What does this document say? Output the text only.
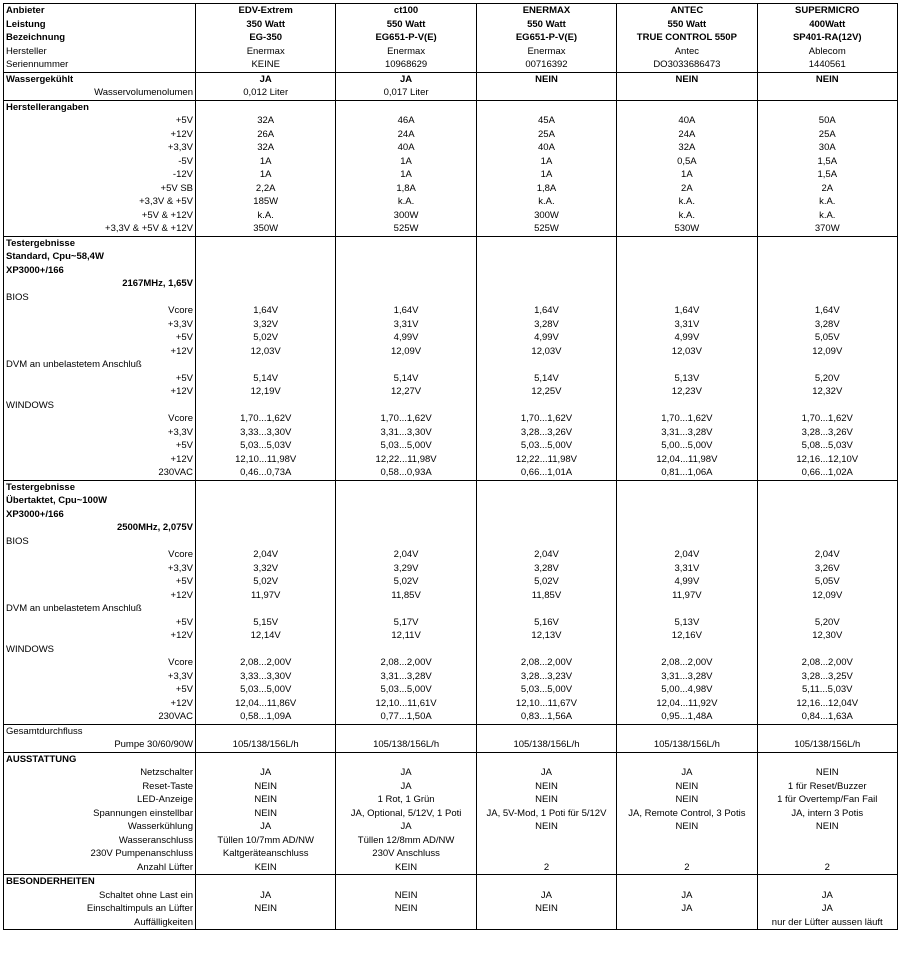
Anbieter	EDV-Extrem	ct100	ENERMAX	ANTEC	SUPERMICRO
Leistung	350 Watt	550 Watt	550 Watt	550 Watt	400Watt
Bezeichnung	EG-350	EG651-P-V(E)	EG651-P-V(E)	TRUE CONTROL 550P	SP401-RA(12V)
Hersteller	Enermax	Enermax	Enermax	Antec	Ablecom
Seriennummer	KEINE	10968629	00716392	DO3033686473	1440561
Wassergekühlt	JA	JA	NEIN	NEIN	NEIN
Wasservolumenolumen	0,012 Liter	0,017 Liter			
Herstellerangaben					
+5V	32A	46A	45A	40A	50A
+12V	26A	24A	25A	24A	25A
+3,3V	32A	40A	40A	32A	30A
-5V	1A	1A	1A	0,5A	1,5A
-12V	1A	1A	1A	1A	1,5A
+5V SB	2,2A	1,8A	1,8A	2A	2A
+3,3V & +5V	185W	k.A.	k.A.	k.A.	k.A.
+5V & +12V	k.A.	300W	300W	k.A.	k.A.
+3,3V & +5V & +12V	350W	525W	525W	530W	370W
Testergebnisse					
Standard, Cpu~58,4W					
XP3000+/166					
2167MHz, 1,65V					
BIOS					
Vcore	1,64V	1,64V	1,64V	1,64V	1,64V
+3,3V	3,32V	3,31V	3,28V	3,31V	3,28V
+5V	5,02V	4,99V	4,99V	4,99V	5,05V
+12V	12,03V	12,09V	12,03V	12,03V	12,09V
DVM an unbelastetem Anschluß					
+5V	5,14V	5,14V	5,14V	5,13V	5,20V
+12V	12,19V	12,27V	12,25V	12,23V	12,32V
WINDOWS					
Vcore	1,70...1,62V	1,70...1,62V	1,70...1,62V	1,70...1,62V	1,70...1,62V
+3,3V	3,33...3,30V	3,31...3,30V	3,28...3,26V	3,31...3,28V	3,28...3,26V
+5V	5,03...5,03V	5,03...5,00V	5,03...5,00V	5,00...5,00V	5,08...5,03V
+12V	12,10...11,98V	12,22...11,98V	12,22...11,98V	12,04...11,98V	12,16...12,10V
230VAC	0,46...0,73A	0,58...0,93A	0,66...1,01A	0,81...1,06A	0,66...1,02A
Testergebnisse					
Übertaktet, Cpu~100W					
XP3000+/166					
2500MHz, 2,075V					
BIOS					
Vcore	2,04V	2,04V	2,04V	2,04V	2,04V
+3,3V	3,32V	3,29V	3,28V	3,31V	3,26V
+5V	5,02V	5,02V	5,02V	4,99V	5,05V
+12V	11,97V	11,85V	11,85V	11,97V	12,09V
DVM an unbelastetem Anschluß					
+5V	5,15V	5,17V	5,16V	5,13V	5,20V
+12V	12,14V	12,11V	12,13V	12,16V	12,30V
WINDOWS					
Vcore	2,08...2,00V	2,08...2,00V	2,08...2,00V	2,08...2,00V	2,08...2,00V
+3,3V	3,33...3,30V	3,31...3,28V	3,28...3,23V	3,31...3,28V	3,28...3,25V
+5V	5,03...5,00V	5,03...5,00V	5,03...5,00V	5,00...4,98V	5,11...5,03V
+12V	12,04...11,86V	12,10...11,61V	12,10...11,67V	12,04...11,92V	12,16...12,04V
230VAC	0,58...1,09A	0,77...1,50A	0,83...1,56A	0,95...1,48A	0,84...1,63A
Gesamtdurchfluss					
Pumpe 30/60/90W	105/138/156L/h	105/138/156L/h	105/138/156L/h	105/138/156L/h	105/138/156L/h
AUSSTATTUNG					
Netzschalter	JA	JA	JA	JA	NEIN
Reset-Taste	NEIN	JA	NEIN	NEIN	1 für Reset/Buzzer
LED-Anzeige	NEIN	1 Rot, 1 Grün	NEIN	NEIN	1 für Overtemp/Fan Fail
Spannungen einstellbar	NEIN	JA, Optional, 5/12V, 1 Poti	JA, 5V-Mod, 1 Poti für 5/12V	JA, Remote Control, 3 Potis	JA, intern 3 Potis
Wasserkühlung	JA	JA	NEIN	NEIN	NEIN
Wasseranschluss	Tüllen 10/7mm AD/NW	Tüllen 12/8mm AD/NW			
230V Pumpenanschluss	Kaltgeräteanschluss	230V Anschluss			
Anzahl Lüfter	KEIN	KEIN	2	2	2
BESONDERHEITEN					
Schaltet ohne Last ein	JA	NEIN	JA	JA	JA
Einschaltimpuls an Lüfter	NEIN	NEIN	NEIN	JA	JA
Auffälligkeiten					nur der Lüfter aussen läuft
